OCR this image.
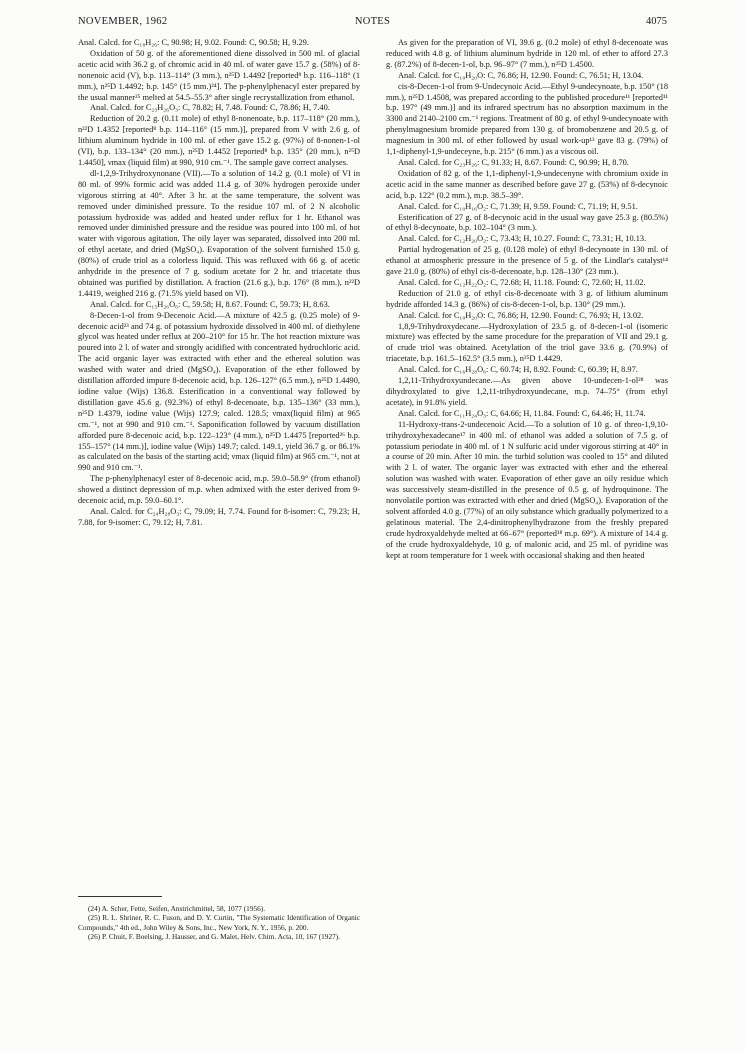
NOVEMBER, 1962	NOTES	4075

Anal. Calcd. for C₁₈H₂₆: C, 90.98; H, 9.02. Found: C, 90.58; H, 9.29.

Oxidation of 50 g. of the aforementioned diene dissolved in 500 ml. of glacial acetic acid with 36.2 g. of chromic acid in 40 ml. of water gave 15.7 g. (58%) of 8-nonenoic acid (V), b.p. 113–114° (3 mm.), n²⁵D 1.4492 [reported⁸ b.p. 116–118° (1 mm.), n²⁵D 1.4492; b.p. 145° (15 mm.)²⁴]. The p-phenylphenacyl ester prepared by the usual manner²⁵ melted at 54.5–55.3° after single recrystallization from ethanol.

Anal. Calcd. for C₂₃H₂₆O₃: C, 78.82; H, 7.48. Found: C, 78.86; H, 7.40.

Reduction of 20.2 g. (0.11 mole) of ethyl 8-nonenoate, b.p. 117–118° (20 mm.), n²²D 1.4352 [reported⁸ b.p. 114–116° (15 mm.)], prepared from V with 2.6 g. of lithium aluminum hydride in 100 ml. of ether gave 15.2 g. (97%) of 8-nonen-1-ol (VI), b.p. 133–134° (20 mm.), n²⁵D 1.4452 [reported⁸ b.p. 135° (20 mm.), n²⁵D 1.4450], νmax (liquid film) at 990, 910 cm.⁻¹. The sample gave correct analyses.

dl-1,2,9-Trihydroxynonane (VII).—To a solution of 14.2 g. (0.1 mole) of VI in 80 ml. of 99% formic acid was added 11.4 g. of 30% hydrogen peroxide under vigorous stirring at 40°. After 3 hr. at the same temperature, the solvent was removed under diminished pressure. To the residue 107 ml. of 2 N alcoholic potassium hydroxide was added and heated under reflux for 1 hr. Ethanol was removed under diminished pressure and the residue was poured into 100 ml. of hot water with vigorous agitation. The oily layer was separated, dissolved into 200 ml. of ethyl acetate, and dried (MgSO₄). Evaporation of the solvent furnished 15.0 g. (80%) of crude triol as a colorless liquid. This was refluxed with 66 g. of acetic anhydride in the presence of 7 g. sodium acetate for 2 hr. and triacetate thus obtained was purified by distillation. A fraction (21.6 g.), b.p. 176° (8 mm.), n²²D 1.4419, weighed 216 g. (71.5% yield based on VI).

Anal. Calcd. for C₁₅H₂₆O₆: C, 59.58; H, 8.67. Found: C, 59.73; H, 8.63.

8-Decen-1-ol from 9-Decenoic Acid.—A mixture of 42.5 g. (0.25 mole) of 9-decenoic acid²³ and 74 g. of potassium hydroxide dissolved in 400 ml. of diethylene glycol was heated under reflux at 200–210° for 15 hr. The hot reaction mixture was poured into 2 l. of water and strongly acidified with concentrated hydrochloric acid. The acid organic layer was extracted with ether and the ethereal solution was washed with water and dried (MgSO₄). Evaporation of the ether followed by distillation afforded impure 8-decenoic acid, b.p. 126–127° (6.5 mm.), n²⁵D 1.4490, iodine value (Wijs) 136.8. Esterification in a conventional way followed by distillation gave 45.6 g. (92.3%) of ethyl 8-decenoate, b.p. 135–136° (33 mm.), n²⁵D 1.4379, iodine value (Wijs) 127.9; calcd. 128.5; νmax(liquid film) at 965 cm.⁻¹, not at 990 and 910 cm.⁻¹. Saponification followed by vacuum distillation afforded pure 8-decenoic acid, b.p. 122–123° (4 mm.), n²⁵D 1.4475 [reported²⁶ b.p. 155–157° (14 mm.)], iodine value (Wijs) 149.7; calcd. 149.1, yield 36.7 g. or 86.1% as calculated on the basis of the starting acid; νmax (liquid film) at 965 cm.⁻¹, not at 990 and 910 cm.⁻¹.

The p-phenylphenacyl ester of 8-decenoic acid, m.p. 59.0–58.9° (from ethanol) showed a distinct depression of m.p. when admixed with the ester derived from 9-decenoic acid, m.p. 59.0–60.1°.

Anal. Calcd. for C₂₄H₂₈O₃: C, 79.09; H, 7.74. Found for 8-isomer: C, 79.23; H, 7.88, for 9-isomer: C, 79.12; H, 7.81.

As given for the preparation of VI, 39.6 g. (0.2 mole) of ethyl 8-decenoate was reduced with 4.8 g. of lithium aluminum hydride in 120 ml. of ether to afford 27.3 g. (87.2%) of 8-decen-1-ol, b.p. 96–97° (7 mm.), n²⁵D 1.4500.

Anal. Calcd. for C₁₀H₂₀O: C, 76.86; H, 12.90. Found: C, 76.51; H, 13.04.

cis-8-Decen-1-ol from 9-Undecynoic Acid.—Ethyl 9-undecynoate, b.p. 150° (18 mm.), n²⁵D 1.4508, was prepared according to the published procedure¹¹ [reported¹¹ b.p. 197° (49 mm.)] and its infrared spectrum has no absorption maximum in the 3300 and 2140–2100 cm.⁻¹ regions. Treatment of 80 g. of ethyl 9-undecynoate with phenylmagnesium bromide prepared from 130 g. of bromobenzene and 20.5 g. of magnesium in 300 ml. of ether followed by usual work-up¹³ gave 83 g. (79%) of 1,1-diphenyl-1,9-undeceyne, b.p. 215° (6 mm.) as a viscous oil.

Anal. Calcd. for C₂₃H₂₆: C, 91.33; H, 8.67. Found: C, 90.99; H, 8.70.

Oxidation of 82 g. of the 1,1-diphenyl-1,9-undecenyne with chromium oxide in acetic acid in the same manner as described before gave 27 g. (53%) of 8-decynoic acid, b.p. 122° (0.2 mm.), m.p. 38.5–39°.

Anal. Calcd. for C₁₀H₁₆O₂: C, 71.39; H, 9.59. Found: C, 71.19; H, 9.51.

Esterification of 27 g. of 8-decynoic acid in the usual way gave 25.3 g. (80.5%) of ethyl 8-decynoate, b.p. 102–104° (3 mm.).

Anal. Calcd. for C₁₂H₂₀O₂: C, 73.43; H, 10.27. Found: C, 73.31; H, 10.13.

Partial hydrogenation of 25 g. (0.128 mole) of ethyl 8-decynoate in 130 ml. of ethanol at atmospheric pressure in the presence of 5 g. of the Lindlar's catalyst¹⁴ gave 21.0 g. (80%) of ethyl cis-8-decenoate, b.p. 128–130° (23 mm.).

Anal. Calcd. for C₁₂H₂₂O₂: C, 72.68; H, 11.18. Found: C, 72.60; H, 11.02.

Reduction of 21.0 g. of ethyl cis-8-decenoate with 3 g. of lithium aluminum hydride afforded 14.3 g. (86%) of cis-8-decen-1-ol, b.p. 130° (29 mm.).

Anal. Calcd. for C₁₀H₂₀O: C, 76.86; H, 12.90. Found: C, 76.93; H, 13.02.

1,8,9-Trihydroxydecane.—Hydroxylation of 23.5 g. of 8-decen-1-ol (isomeric mixture) was effected by the same procedure for the preparation of VII and 29.1 g. of crude triol was obtained. Acetylation of the triol gave 33.6 g. (70.9%) of triacetate, b.p. 161.5–162.5° (3.5 mm.), n²⁵D 1.4429.

Anal. Calcd. for C₁₆H₂₈O₆: C, 60.74; H, 8.92. Found: C, 60.39; H, 8.97.

1,2,11-Trihydroxyundecane.—As given above 10-undecen-1-ol²⁸ was dihydroxylated to give 1,2,11-trihydroxyundecane, m.p. 74–75° (from ethyl acetate), in 91.8% yield.

Anal. Calcd. for C₁₁H₂₄O₃: C, 64.66; H, 11.84. Found: C, 64.46; H, 11.74.

11-Hydroxy-trans-2-undecenoic Acid.—To a solution of 10 g. of threo-1,9,10-trihydroxyhexadecane¹⁷ in 400 ml. of ethanol was added a solution of 7.5 g. of potassium periodate in 400 ml. of 1 N sulfuric acid under vigorous stirring at 40° in a course of 20 min. After 10 min. the turbid solution was cooled to 15° and diluted with 2 l. of water. The organic layer was extracted with ether and the ethereal solution was washed with water. Evaporation of ether gave an oily residue which was successively steam-distilled in the presence of 0.5 g. of hydroquinone. The nonvolatile portion was extracted with ether and dried (MgSO₄). Evaporation of the solvent afforded 4.0 g. (77%) of an oily substance which gradually polymerized to a gelatinous material. The 2,4-dinitrophenylhydrazone from the freshly prepared crude hydroxyaldehyde melted at 66–67° (reported¹⁸ m.p. 69°). A mixture of 14.4 g. of the crude hydroxyaldehyde, 10 g. of malonic acid, and 25 ml. of pyridine was kept at room temperature for 1 week with occasional shaking and then heated

(24) A. Scher, Fette, Seifen, Anstrichmittel, 58, 1077 (1956).

(25) R. L. Shriner, R. C. Fuson, and D. Y. Curtin, "The Systematic Identification of Organic Compounds," 4th ed., John Wiley & Sons, Inc., New York, N. Y., 1956, p. 200.

(26) P. Chuit, F. Boelsing, J. Hausser, and G. Malet, Helv. Chim. Acta, 10, 167 (1927).
